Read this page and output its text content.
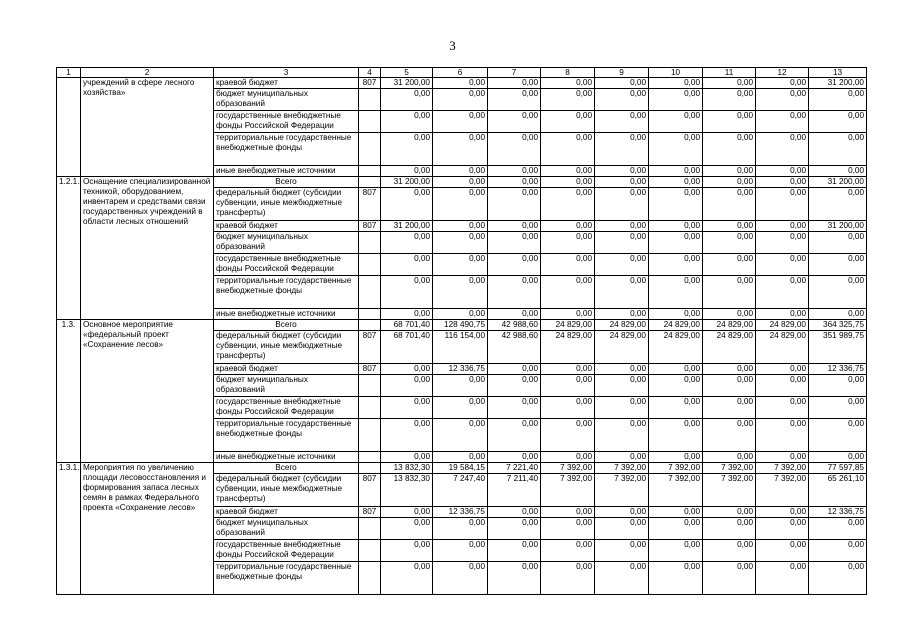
3
1	2	3	4	5	6	7	8	9	10	11	12	13
	учреждений в сфере лесного хозяйства»	краевой бюджет	807	31 200,00	0,00	0,00	0,00	0,00	0,00	0,00	0,00	31 200,00
		бюджет муниципальных образований		0,00	0,00	0,00	0,00	0,00	0,00	0,00	0,00	0,00
		государственные внебюджетные фонды Российской Федерации		0,00	0,00	0,00	0,00	0,00	0,00	0,00	0,00	0,00
		территориальные государственные внебюджетные фонды		0,00	0,00	0,00	0,00	0,00	0,00	0,00	0,00	0,00
		иные внебюджетные источники		0,00	0,00	0,00	0,00	0,00	0,00	0,00	0,00	0,00
1.2.1.	Оснащение специализированной техникой, оборудованием, инвентарем и средствами связи государственных учреждений в области лесных отношений	Всего		31 200,00	0,00	0,00	0,00	0,00	0,00	0,00	0,00	31 200,00
		федеральный бюджет (субсидии субвенции, иные межбюджетные трансферты)	807	0,00	0,00	0,00	0,00	0,00	0,00	0,00	0,00	0,00
		краевой бюджет	807	31 200,00	0,00	0,00	0,00	0,00	0,00	0,00	0,00	31 200,00
		бюджет муниципальных образований		0,00	0,00	0,00	0,00	0,00	0,00	0,00	0,00	0,00
		государственные внебюджетные фонды Российской Федерации		0,00	0,00	0,00	0,00	0,00	0,00	0,00	0,00	0,00
		территориальные государственные внебюджетные фонды		0,00	0,00	0,00	0,00	0,00	0,00	0,00	0,00	0,00
		иные внебюджетные источники		0,00	0,00	0,00	0,00	0,00	0,00	0,00	0,00	0,00
1.3.	Основное мероприятие «федеральный проект «Сохранение лесов»	Всего		68 701,40	128 490,75	42 988,60	24 829,00	24 829,00	24 829,00	24 829,00	24 829,00	364 325,75
		федеральный бюджет (субсидии субвенции, иные межбюджетные трансферты)	807	68 701,40	116 154,00	42 988,60	24 829,00	24 829,00	24 829,00	24 829,00	24 829,00	351 989,75
		краевой бюджет	807	0,00	12 336,75	0,00	0,00	0,00	0,00	0,00	0,00	12 336,75
		бюджет муниципальных образований		0,00	0,00	0,00	0,00	0,00	0,00	0,00	0,00	0,00
		государственные внебюджетные фонды Российской Федерации		0,00	0,00	0,00	0,00	0,00	0,00	0,00	0,00	0,00
		территориальные государственные внебюджетные фонды		0,00	0,00	0,00	0,00	0,00	0,00	0,00	0,00	0,00
		иные внебюджетные источники		0,00	0,00	0,00	0,00	0,00	0,00	0,00	0,00	0,00
1.3.1.	Мероприятия по увеличению площади лесовосстановления и формирования запаса лесных семян в рамках Федерального проекта «Сохранение лесов»	Всего		13 832,30	19 584,15	7 221,40	7 392,00	7 392,00	7 392,00	7 392,00	7 392,00	77 597,85
		федеральный бюджет (субсидии субвенции, иные межбюджетные трансферты)	807	13 832,30	7 247,40	7 211,40	7 392,00	7 392,00	7 392,00	7 392,00	7 392,00	65 261,10
		краевой бюджет	807	0,00	12 336,75	0,00	0,00	0,00	0,00	0,00	0,00	12 336,75
		бюджет муниципальных образований		0,00	0,00	0,00	0,00	0,00	0,00	0,00	0,00	0,00
		государственные внебюджетные фонды Российской Федерации		0,00	0,00	0,00	0,00	0,00	0,00	0,00	0,00	0,00
		территориальные государственные внебюджетные фонды		0,00	0,00	0,00	0,00	0,00	0,00	0,00	0,00	0,00
